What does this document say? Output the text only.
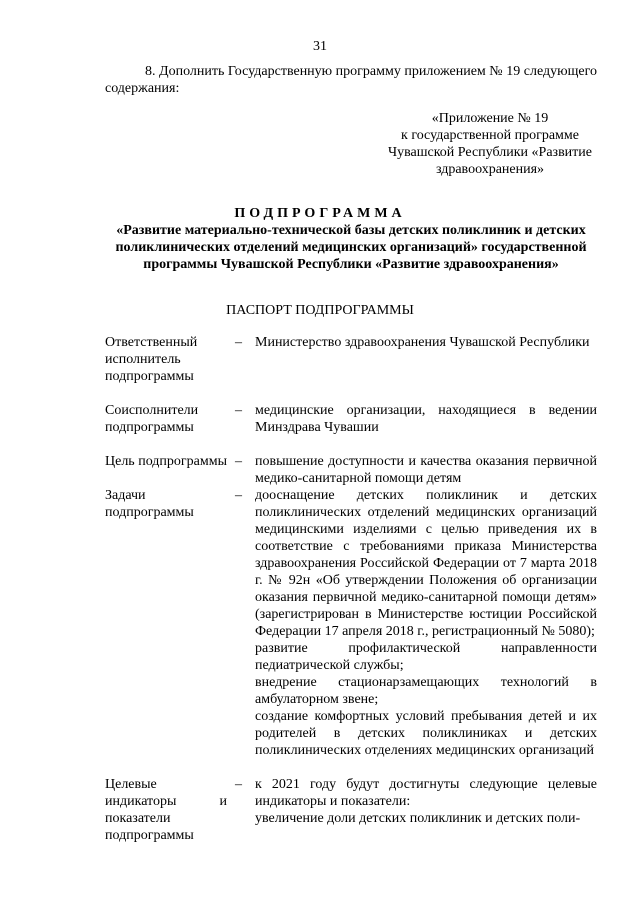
31
8. Дополнить Государственную программу приложением № 19 следующего содержания:
«Приложение № 19
к государственной программе
Чувашской Республики «Развитие
здравоохранения»
ПОДПРОГРАММА
«Развитие материально-технической базы детских поликлиник и детских поликлинических отделений медицинских организаций» государственной программы Чувашской Республики «Развитие здравоохранения»
ПАСПОРТ ПОДПРОГРАММЫ
Ответственный исполнитель подпрограммы
– Министерство здравоохранения Чувашской Республики

Соисполнители подпрограммы
– медицинские организации, находящиеся в ведении Минздрава Чувашии

Цель подпрограммы – повышение доступности и качества оказания первичной медико-санитарной помощи детям

Задачи подпрограммы
– дооснащение детских поликлиник и детских поликлинических отделений медицинских организаций медицинскими изделиями с целью приведения их в соответствие с требованиями приказа Министерства здравоохранения Российской Федерации от 7 марта 2018 г. № 92н «Об утверждении Положения об организации оказания первичной медико-санитарной помощи детям» (зарегистрирован в Министерстве юстиции Российской Федерации 17 апреля 2018 г., регистрационный № 5080);

развитие профилактической направленности педиатрической службы;

внедрение стационарзамещающих технологий в амбулаторном звене;

создание комфортных условий пребывания детей и их родителей в детских поликлиниках и детских поликлинических отделениях медицинских организаций

Целевые индикаторы и показатели подпрограммы
– к 2021 году будут достигнуты следующие целевые индикаторы и показатели:

увеличение доли детских поликлиник и детских поли-
